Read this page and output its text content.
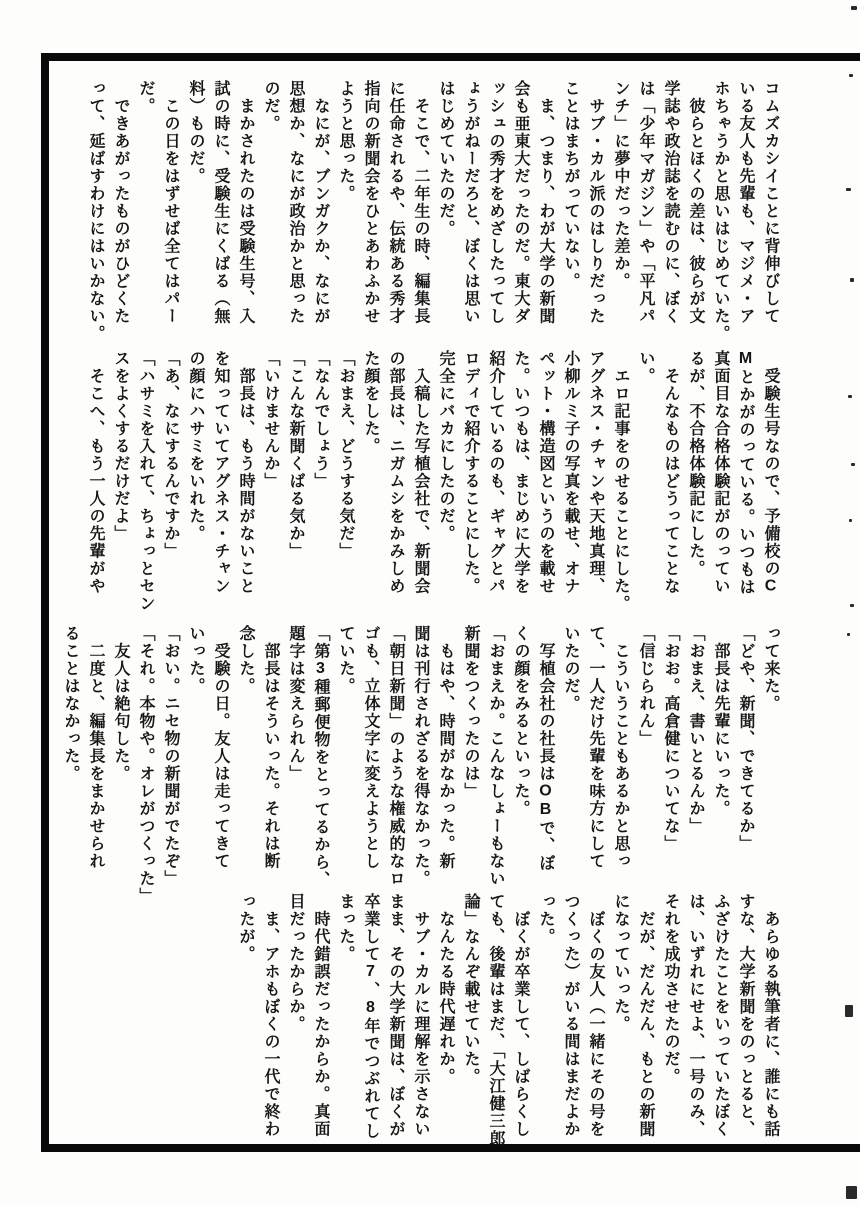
コムズカシイことに背伸びして
いる友人も先輩も、マジメ・ア
ホちゃうかと思いはじめていた。
　彼らとほくの差は、彼らが文
学誌や政治誌を読むのに、ぼく
は「少年マガジン」や「平凡パ
ンチ」に夢中だった差か。
　サブ・カル派のはしりだった
ことはまちがっていない。
　ま、つまり、わが大学の新聞
会も亜東大だったのだ。東大ダ
ッシュの秀才をめざしたってし
ょうがねーだろと、ぼくは思い
はじめていたのだ。
　そこで、二年生の時、編集長
に任命されるや、伝統ある秀才
指向の新聞会をひとあわふかせ
ようと思った。
　なにが、ブンガクか、なにが
思想か、なにが政治かと思った
のだ。
　まかされたのは受験生号、入
試の時に、受験生にくばる（無
料）ものだ。
　この日をはずせば全てはパー
だ。
　できあがったものがひどくた
って、延ばすわけにはいかない。
　受験生号なので、予備校のC
Mとかがのっている。いつもは
真面目な合格体験記がのってい
るが、不合格体験記にした。
　そんなものはどうってことな
い。
　エロ記事をのせることにした。
アグネス・チャンや天地真理、
小柳ルミ子の写真を載せ、オナ
ペット・構造図というのを載せ
た。いつもは、まじめに大学を
紹介しているのも、ギャグとパ
ロディで紹介することにした。
完全にバカにしたのだ。
　入稿した写植会社で、新聞会
の部長は、ニガムシをかみしめ
た顔をした。
「おまえ、どうする気だ」
「なんでしょう」
「こんな新聞くばる気か」
「いけませんか」
　部長は、もう時間がないこと
を知っていてアグネス・チャン
の顔にハサミをいれた。
「あ、なにするんですか」
「ハサミを入れて、ちょっとセン
スをよくするだけだよ」
　そこへ、もう一人の先輩がや
って来た。
「どや、新聞、できてるか」
　部長は先輩にいった。
「おまえ、書いとるんか」
「おお。高倉健についてな」
「信じられん」
　こういうこともあるかと思っ
て、一人だけ先輩を味方にして
いたのだ。
　写植会社の社長はOBで、ぼ
くの顔をみるといった。
「おまえか。こんなしょーもない
新聞をつくったのは」
　もはや、時間がなかった。新
聞は刊行されざるを得なかった。
「朝日新聞」のような権威的なロ
ゴも、立体文字に変えようとし
ていた。
「第3種郵便物をとってるから、
題字は変えられん」
　部長はそういった。それは断
念した。
　受験の日。友人は走ってきて
いった。
「おい。ニセ物の新聞がでたぞ」
「それ。本物や。オレがつくった」
　友人は絶句した。
　二度と、編集長をまかせられ
ることはなかった。
　あらゆる執筆者に、誰にも話
すな、大学新聞をのっとると、
ふざけたことをいっていたぼく
は、いずれにせよ、一号のみ、
それを成功させたのだ。
　だが、だんだん、もとの新聞
になっていった。
　ぼくの友人（一緒にその号を
つくった）がいる間はまだよか
った。
　ぼくが卒業して、しばらくし
ても、後輩はまだ、「大江健三郎
論」なんぞ載せていた。
　なんたる時代遅れか。
　サブ・カルに理解を示さない
まま、その大学新聞は、ぼくが
卒業して7、8年でつぶれてし
まった。
　時代錯誤だったからか。真面
目だったからか。
　ま、アホもぼくの一代で終わ
ったが。
